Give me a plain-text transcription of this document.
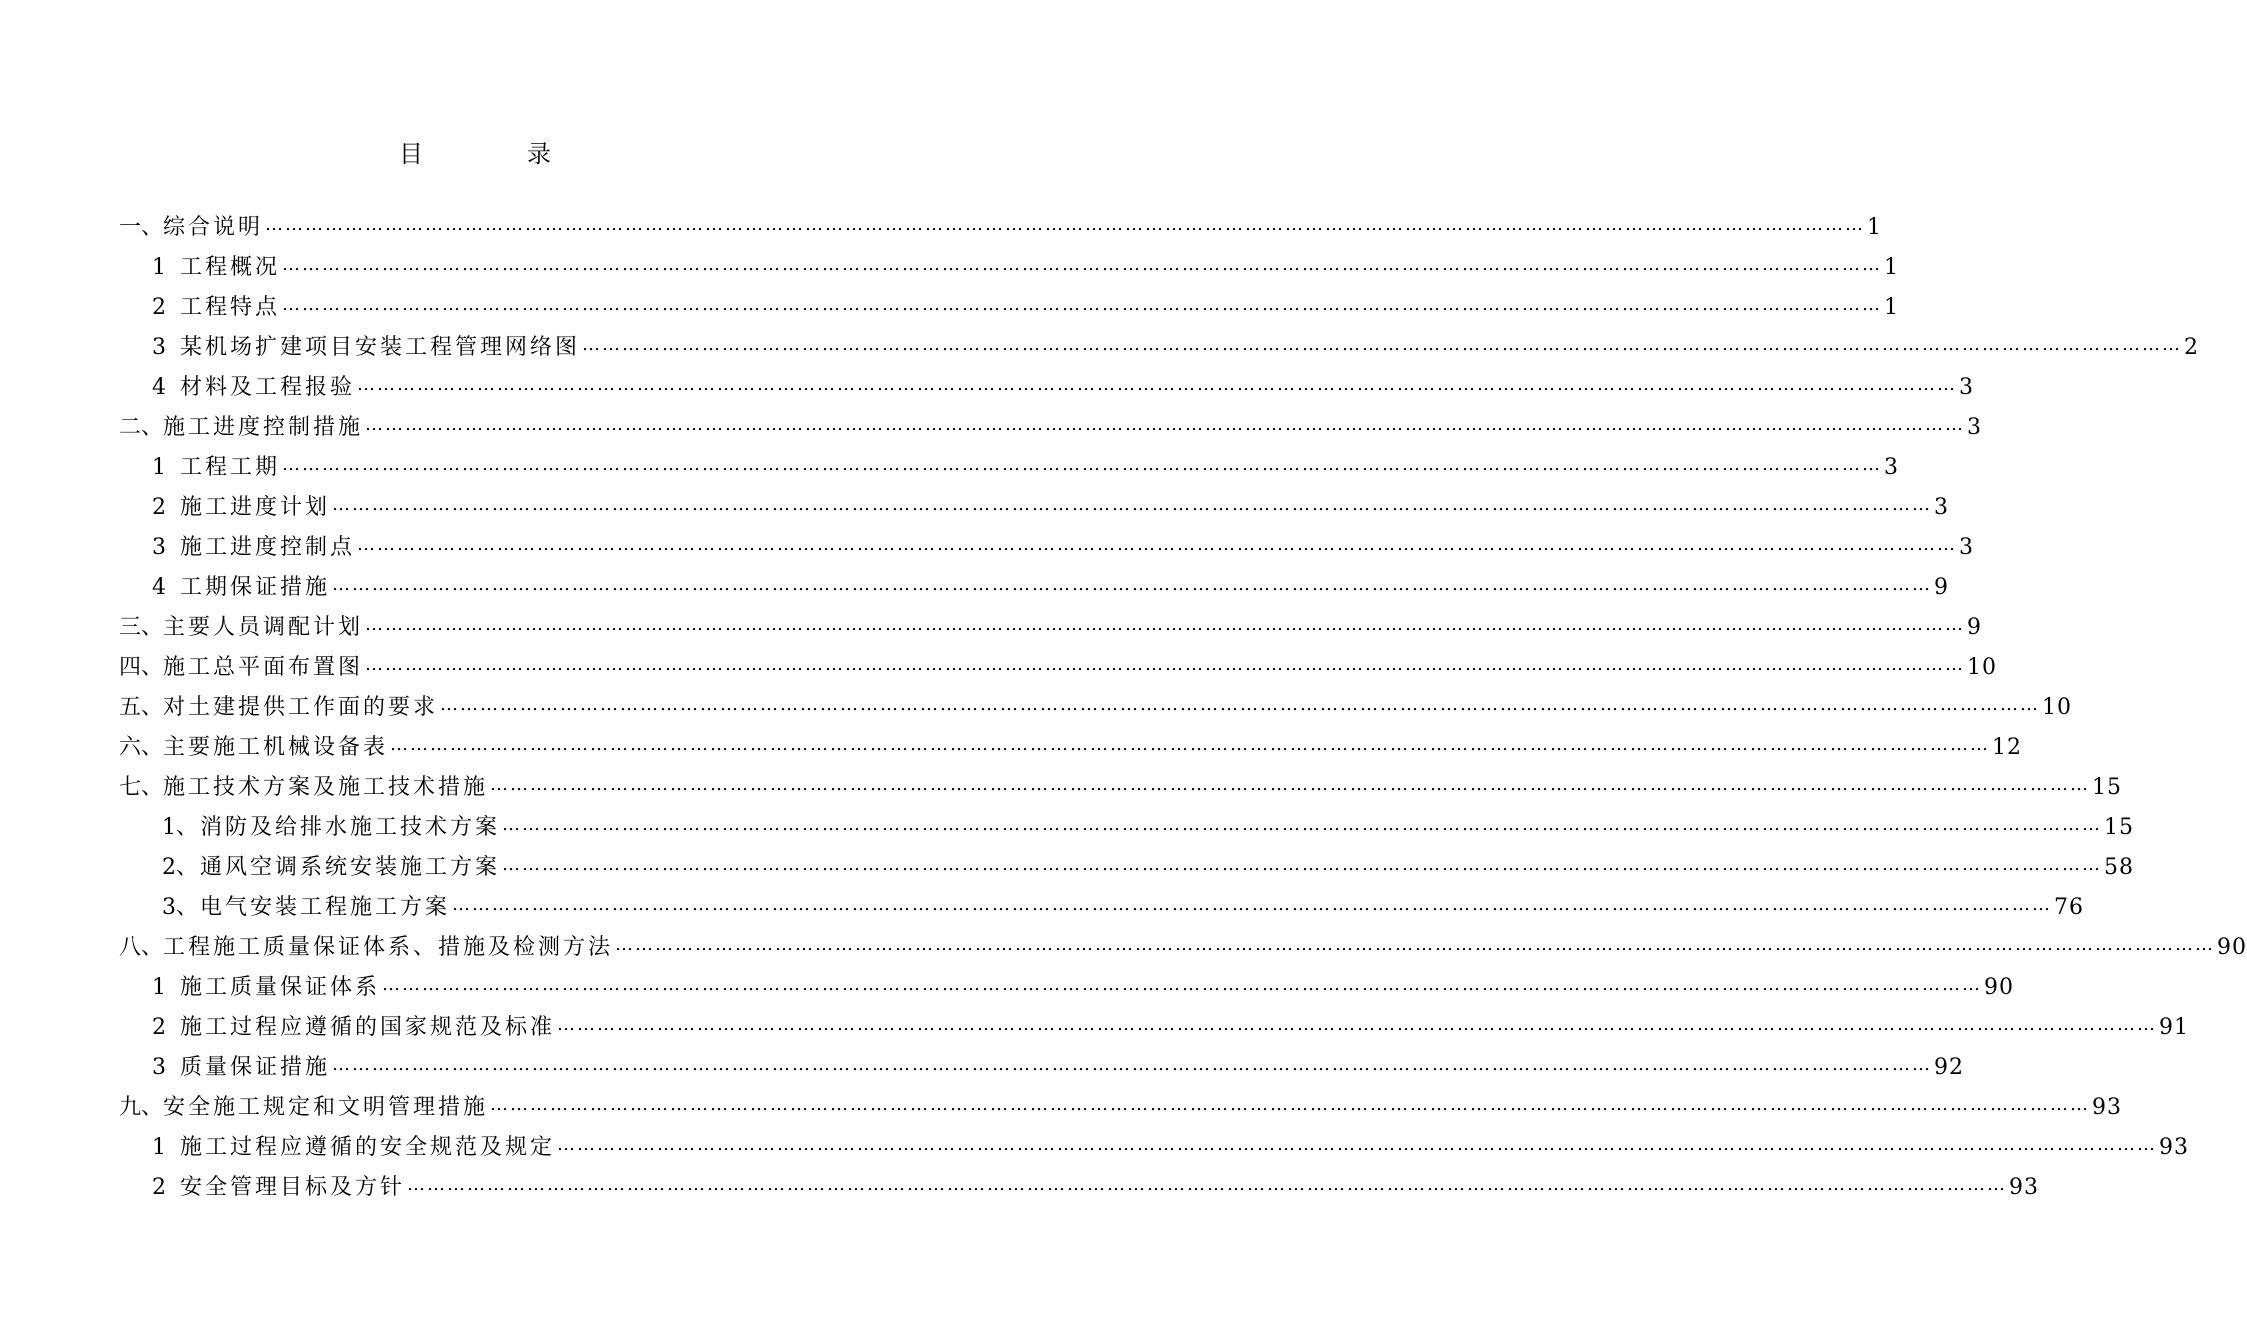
目　录
一、 综合说明 …………………………………………………………………………………………………………………………………………………………………………………………………………………… 1
1 工程概况 …………………………………………………………………………………………………………………………………………………………………………………………………………………… 1
2 工程特点 …………………………………………………………………………………………………………………………………………………………………………………………………………………… 1
3 某机场扩建项目安装工程管理网络图 …………………………………………………………………………………………………………………………………………………………………………………………………………………… 2
4 材料及工程报验 …………………………………………………………………………………………………………………………………………………………………………………………………………………… 3
二、 施工进度控制措施 …………………………………………………………………………………………………………………………………………………………………………………………………………………… 3
1 工程工期 …………………………………………………………………………………………………………………………………………………………………………………………………………………… 3
2 施工进度计划 …………………………………………………………………………………………………………………………………………………………………………………………………………………… 3
3 施工进度控制点 …………………………………………………………………………………………………………………………………………………………………………………………………………………… 3
4 工期保证措施 …………………………………………………………………………………………………………………………………………………………………………………………………………………… 9
三、 主要人员调配计划 …………………………………………………………………………………………………………………………………………………………………………………………………………………… 9
四、 施工总平面布置图 …………………………………………………………………………………………………………………………………………………………………………………………………………………… 10
五、 对土建提供工作面的要求 …………………………………………………………………………………………………………………………………………………………………………………………………………………… 10
六、 主要施工机械设备表 …………………………………………………………………………………………………………………………………………………………………………………………………………………… 12
七、 施工技术方案及施工技术措施 …………………………………………………………………………………………………………………………………………………………………………………………………………………… 15
1、 消防及给排水施工技术方案 …………………………………………………………………………………………………………………………………………………………………………………………………………………… 15
2、 通风空调系统安装施工方案 …………………………………………………………………………………………………………………………………………………………………………………………………………………… 58
3、 电气安装工程施工方案 …………………………………………………………………………………………………………………………………………………………………………………………………………………… 76
八、 工程施工质量保证体系、措施及检测方法 …………………………………………………………………………………………………………………………………………………………………………………………………………………… 90
1 施工质量保证体系 …………………………………………………………………………………………………………………………………………………………………………………………………………………… 90
2 施工过程应遵循的国家规范及标准 …………………………………………………………………………………………………………………………………………………………………………………………………………………… 91
3 质量保证措施 …………………………………………………………………………………………………………………………………………………………………………………………………………………… 92
九、 安全施工规定和文明管理措施 …………………………………………………………………………………………………………………………………………………………………………………………………………………… 93
1 施工过程应遵循的安全规范及规定 …………………………………………………………………………………………………………………………………………………………………………………………………………………… 93
2 安全管理目标及方针 …………………………………………………………………………………………………………………………………………………………………………………………………………………… 93
